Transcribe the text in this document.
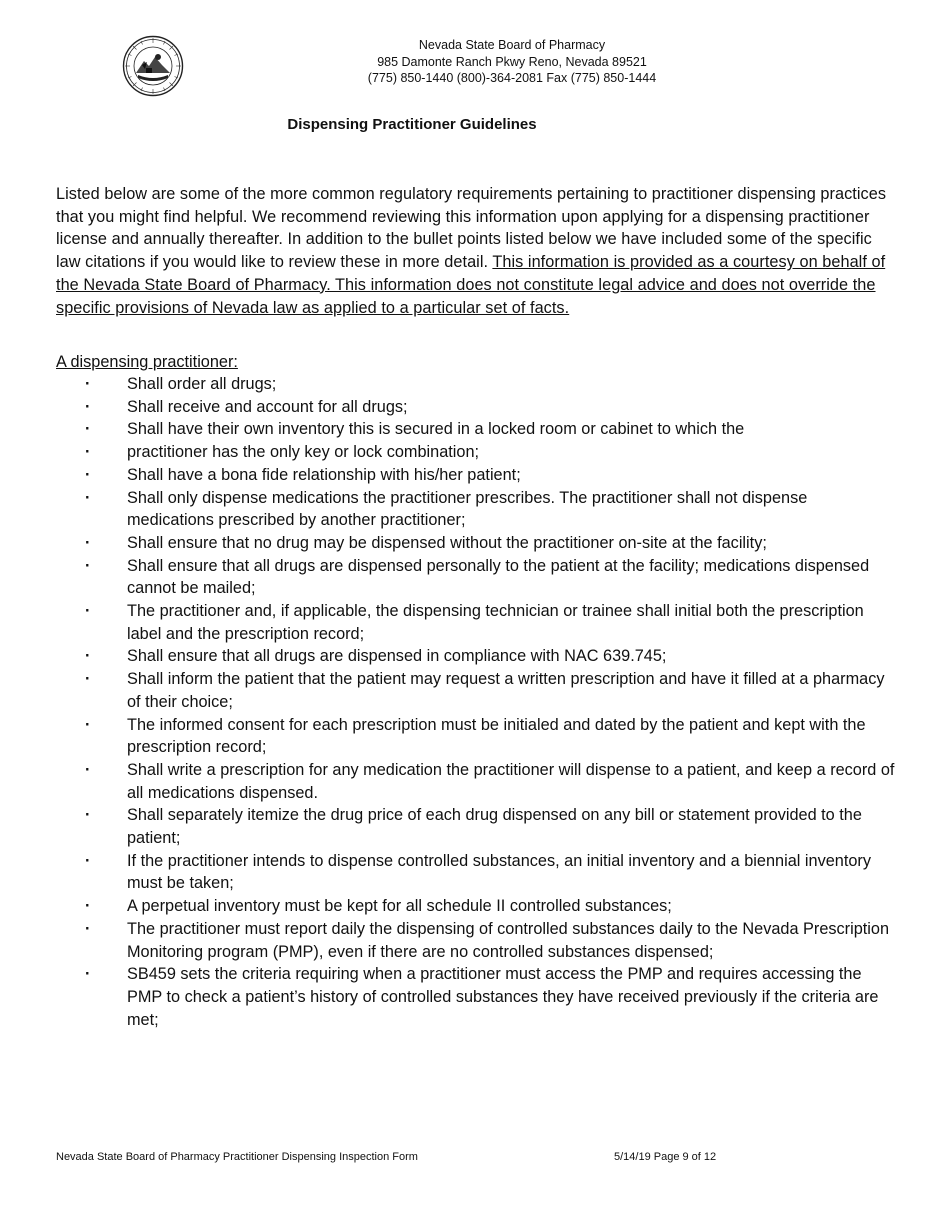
Nevada State Board of Pharmacy
985 Damonte Ranch Pkwy Reno, Nevada 89521
(775) 850-1440 (800)-364-2081 Fax (775) 850-1444
Dispensing Practitioner Guidelines
Listed below are some of the more common regulatory requirements pertaining to practitioner dispensing practices that you might find helpful. We recommend reviewing this information upon applying for a dispensing practitioner license and annually thereafter. In addition to the bullet points listed below we have included some of the specific law citations if you would like to review these in more detail. This information is provided as a courtesy on behalf of the Nevada State Board of Pharmacy. This information does not constitute legal advice and does not override the specific provisions of Nevada law as applied to a particular set of facts.
A dispensing practitioner:
· Shall order all drugs;
· Shall receive and account for all drugs;
· Shall have their own inventory this is secured in a locked room or cabinet to which the
· practitioner has the only key or lock combination;
· Shall have a bona fide relationship with his/her patient;
· Shall only dispense medications the practitioner prescribes. The practitioner shall not dispense medications prescribed by another practitioner;
· Shall ensure that no drug may be dispensed without the practitioner on-site at the facility;
· Shall ensure that all drugs are dispensed personally to the patient at the facility; medications dispensed cannot be mailed;
· The practitioner and, if applicable, the dispensing technician or trainee shall initial both the prescription label and the prescription record;
· Shall ensure that all drugs are dispensed in compliance with NAC 639.745;
· Shall inform the patient that the patient may request a written prescription and have it filled at a pharmacy of their choice;
· The informed consent for each prescription must be initialed and dated by the patient and kept with the prescription record;
· Shall write a prescription for any medication the practitioner will dispense to a patient, and keep a record of all medications dispensed.
· Shall separately itemize the drug price of each drug dispensed on any bill or statement provided to the patient;
· If the practitioner intends to dispense controlled substances, an initial inventory and a biennial inventory must be taken;
· A perpetual inventory must be kept for all schedule II controlled substances;
· The practitioner must report daily the dispensing of controlled substances daily to the Nevada Prescription Monitoring program (PMP), even if there are no controlled substances dispensed;
· SB459 sets the criteria requiring when a practitioner must access the PMP and requires accessing the PMP to check a patient’s history of controlled substances they have received previously if the criteria are met;
Nevada State Board of Pharmacy Practitioner Dispensing Inspection Form	5/14/19 Page 9 of 12
